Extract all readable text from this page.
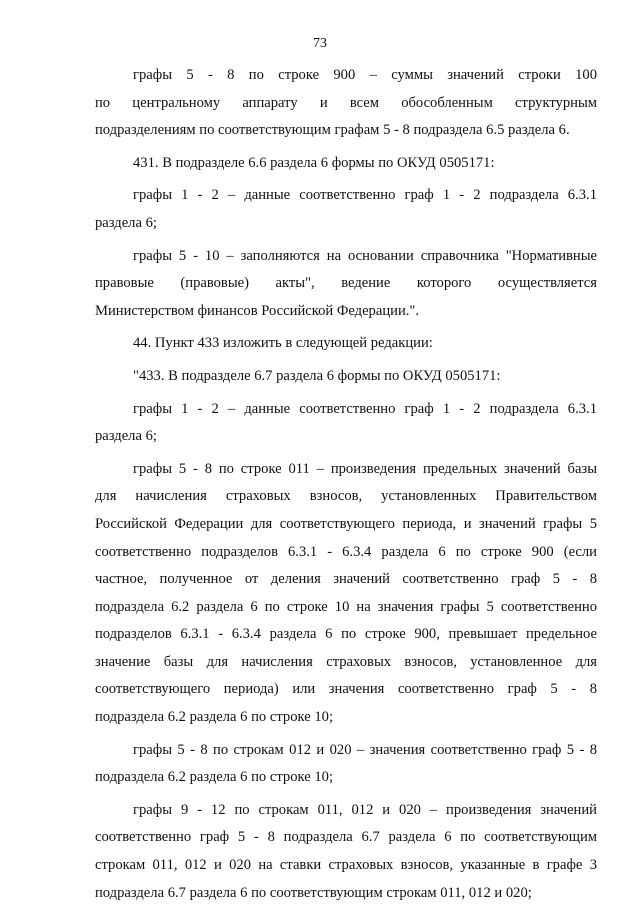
73

графы 5 - 8 по строке 900 – суммы значений строки 100

по центральному аппарату и всем обособленным структурным

подразделениям по соответствующим графам 5 - 8 подраздела 6.5 раздела 6.

431. В подразделе 6.6 раздела 6 формы по ОКУД 0505171:

графы 1 - 2 – данные соответственно граф 1 - 2 подраздела 6.3.1

раздела 6;

графы 5 - 10 – заполняются на основании справочника "Нормативные

правовые (правовые) акты", ведение которого осуществляется

Министерством финансов Российской Федерации.".

44. Пункт 433 изложить в следующей редакции:

"433. В подразделе 6.7 раздела 6 формы по ОКУД 0505171:

графы 1 - 2 – данные соответственно граф 1 - 2 подраздела 6.3.1

раздела 6;

графы 5 - 8 по строке 011 – произведения предельных значений базы

для начисления страховых взносов, установленных Правительством

Российской Федерации для соответствующего периода, и значений графы 5

соответственно подразделов 6.3.1 - 6.3.4 раздела 6 по строке 900 (если

частное, полученное от деления значений соответственно граф 5 - 8

подраздела 6.2 раздела 6 по строке 10 на значения графы 5 соответственно

подразделов 6.3.1 - 6.3.4 раздела 6 по строке 900, превышает предельное

значение базы для начисления страховых взносов, установленное для

соответствующего периода) или значения соответственно граф 5 - 8

подраздела 6.2 раздела 6 по строке 10;

графы 5 - 8 по строкам 012 и 020 – значения соответственно граф 5 - 8

подраздела 6.2 раздела 6 по строке 10;

графы 9 - 12 по строкам 011, 012 и 020 – произведения значений

соответственно граф 5 - 8 подраздела 6.7 раздела 6 по соответствующим

строкам 011, 012 и 020 на ставки страховых взносов, указанные в графе 3

подраздела 6.7 раздела 6 по соответствующим строкам 011, 012 и 020;
